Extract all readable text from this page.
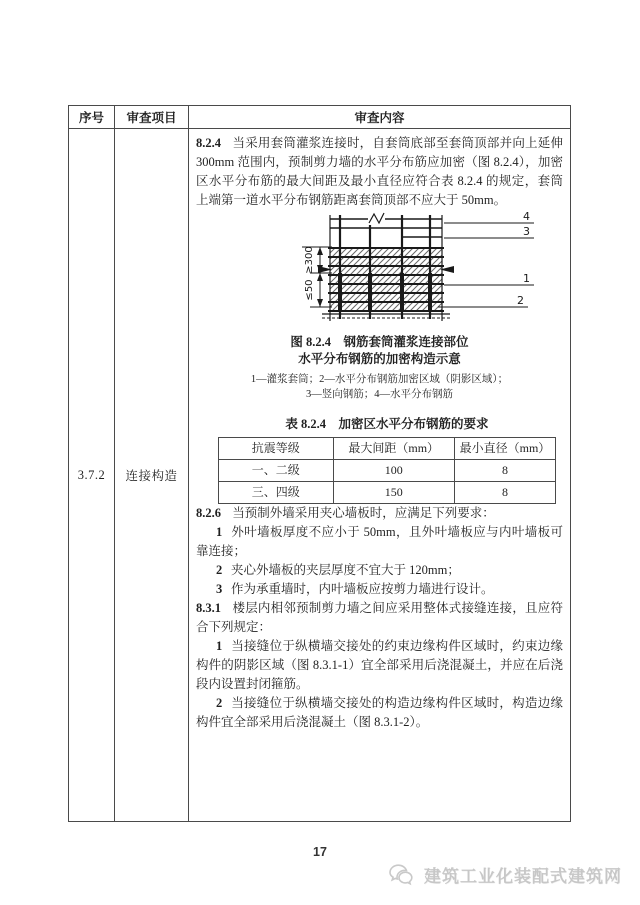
序号	审查项目	审查内容
3.7.2	连接构造

8.2.4 当采用套筒灌浆连接时，自套筒底部至套筒顶部并向上延伸 300mm 范围内，预制剪力墙的水平分布筋应加密（图 8.2.4），加密区水平分布筋的最大间距及最小直径应符合表 8.2.4 的规定，套筒上端第一道水平分布钢筋距离套筒顶部不应大于 50mm。

≥300
≤50
4
3
1
2
图 8.2.4　钢筋套筒灌浆连接部位
水平分布钢筋的加密构造示意
1—灌浆套筒；2—水平分布钢筋加密区域（阴影区域）；
3—竖向钢筋；4—水平分布钢筋
表 8.2.4　加密区水平分布钢筋的要求
抗震等级	最大间距（mm）	最小直径（mm）
一、二级	100	8
三、四级	150	8

8.2.6 当预制外墙采用夹心墙板时，应满足下列要求：

1 外叶墙板厚度不应小于 50mm，且外叶墙板应与内叶墙板可靠连接；

2 夹心外墙板的夹层厚度不宜大于 120mm；

3 作为承重墙时，内叶墙板应按剪力墙进行设计。

8.3.1 楼层内相邻预制剪力墙之间应采用整体式接缝连接，且应符合下列规定：

1 当接缝位于纵横墙交接处的约束边缘构件区域时，约束边缘构件的阴影区域（图 8.3.1-1）宜全部采用后浇混凝土，并应在后浇段内设置封闭箍筋。

2 当接缝位于纵横墙交接处的构造边缘构件区域时，构造边缘构件宜全部采用后浇混凝土（图 8.3.1-2）。

17
建筑工业化装配式建筑网
